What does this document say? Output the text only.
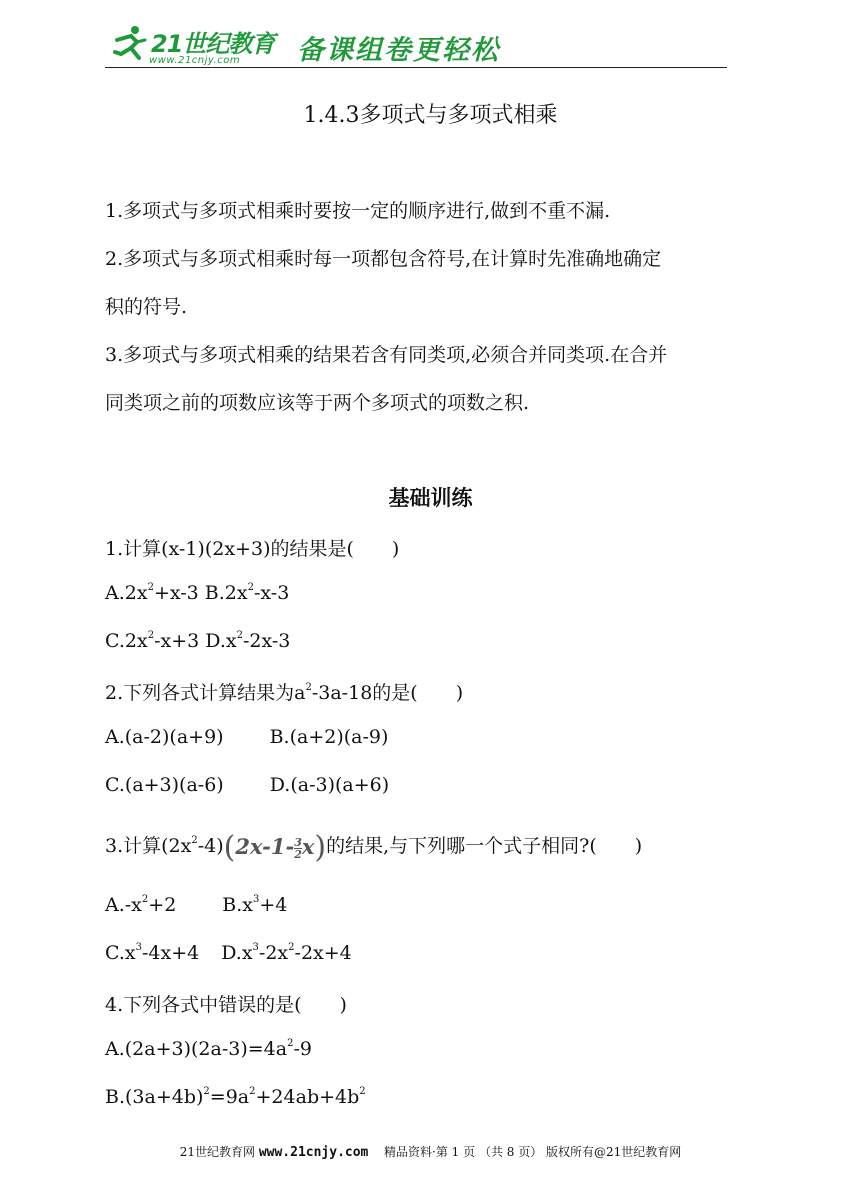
21世纪教育
www.21cnjy.com 备课组卷更轻松
1.4.3多项式与多项式相乘
1.多项式与多项式相乘时要按一定的顺序进行,做到不重不漏.
2.多项式与多项式相乘时每一项都包含符号,在计算时先准确地确定
积的符号.
3.多项式与多项式相乘的结果若含有同类项,必须合并同类项.在合并
同类项之前的项数应该等于两个多项式的项数之积.
基础训练
1.计算(x-1)(2x+3)的结果是(　　)
$A.2x^2+x-3$ $B.2x^2-x-3$
$C.2x^2-x+3$ $D.x^2-2x-3$
2.下列各式计算结果为$a^2-3a-18$的是(　　)
A.(a-2)(a+9) B.(a+2)(a-9)
C.(a+3)(a-6) D.(a-3)(a+6)
3.计算$(2x^2-4)(2x-1- \frac{3}{2} x)$的结果,与下列哪一个式子相同?(　　)
$A.-x^2+2$ $B.x^3+4$
$C.x^3-4x+4$ $D.x^3-2x^2-2x+4$
4.下列各式中错误的是(　　)
$A.(2a+3)(2a-3)=4a^2-9$
$B.(3a+4b)^2=9a^2+24ab+4b^2$
21世纪教育网 www.21cnjy.com 精品资料·第 1 页 （共 8 页） 版权所有@21世纪教育网
